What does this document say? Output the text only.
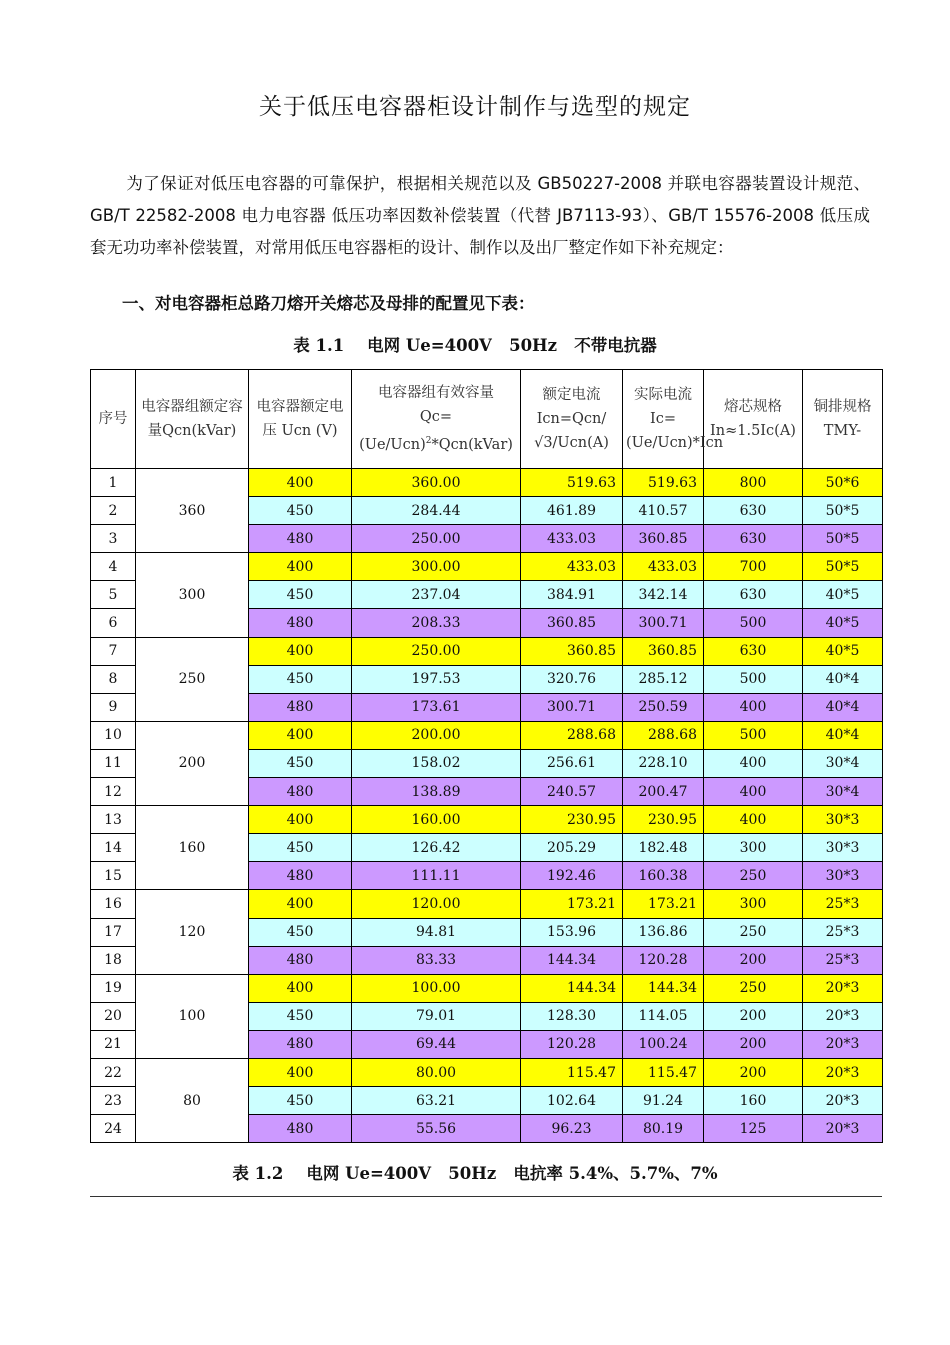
关于低压电容器柜设计制作与选型的规定
为了保证对低压电容器的可靠保护，根据相关规范以及 GB50227-2008 并联电容器装置设计规范、GB/T 22582-2008 电力电容器 低压功率因数补偿装置（代替 JB7113-93）、GB/T 15576-2008 低压成套无功功率补偿装置，对常用低压电容器柜的设计、制作以及出厂整定作如下补充规定：
一、对电容器柜总路刀熔开关熔芯及母排的配置见下表：
表 1.1    电网 Ue=400V   50Hz   不带电抗器
序号	电容器组额定容量Qcn(kVar)	电容器额定电压 Ucn (V)	电容器组有效容量
$Qc=(Ue/Ucn)^2*Qcn(kVar)$	额定电流Icn=Qcn/√3/Ucn(A)	实际电流Ic=(Ue/Ucn)*Icn	熔芯规格In≈1.5Ic(A)	铜排规格 TMY-
1	360	400	360.00	519.63	519.63	800	50*6
2		450	284.44	461.89	410.57	630	50*5
3		480	250.00	433.03	360.85	630	50*5
4	300	400	300.00	433.03	433.03	700	50*5
5		450	237.04	384.91	342.14	630	40*5
6		480	208.33	360.85	300.71	500	40*5
7	250	400	250.00	360.85	360.85	630	40*5
8		450	197.53	320.76	285.12	500	40*4
9		480	173.61	300.71	250.59	400	40*4
10	200	400	200.00	288.68	288.68	500	40*4
11		450	158.02	256.61	228.10	400	30*4
12		480	138.89	240.57	200.47	400	30*4
13	160	400	160.00	230.95	230.95	400	30*3
14		450	126.42	205.29	182.48	300	30*3
15		480	111.11	192.46	160.38	250	30*3
16	120	400	120.00	173.21	173.21	300	25*3
17		450	94.81	153.96	136.86	250	25*3
18		480	83.33	144.34	120.28	200	25*3
19	100	400	100.00	144.34	144.34	250	20*3
20		450	79.01	128.30	114.05	200	20*3
21		480	69.44	120.28	100.24	200	20*3
22	80	400	80.00	115.47	115.47	200	20*3
23		450	63.21	102.64	91.24	160	20*3
24		480	55.56	96.23	80.19	125	20*3
表 1.2    电网 Ue=400V   50Hz   电抗率 5.4%、5.7%、7%
